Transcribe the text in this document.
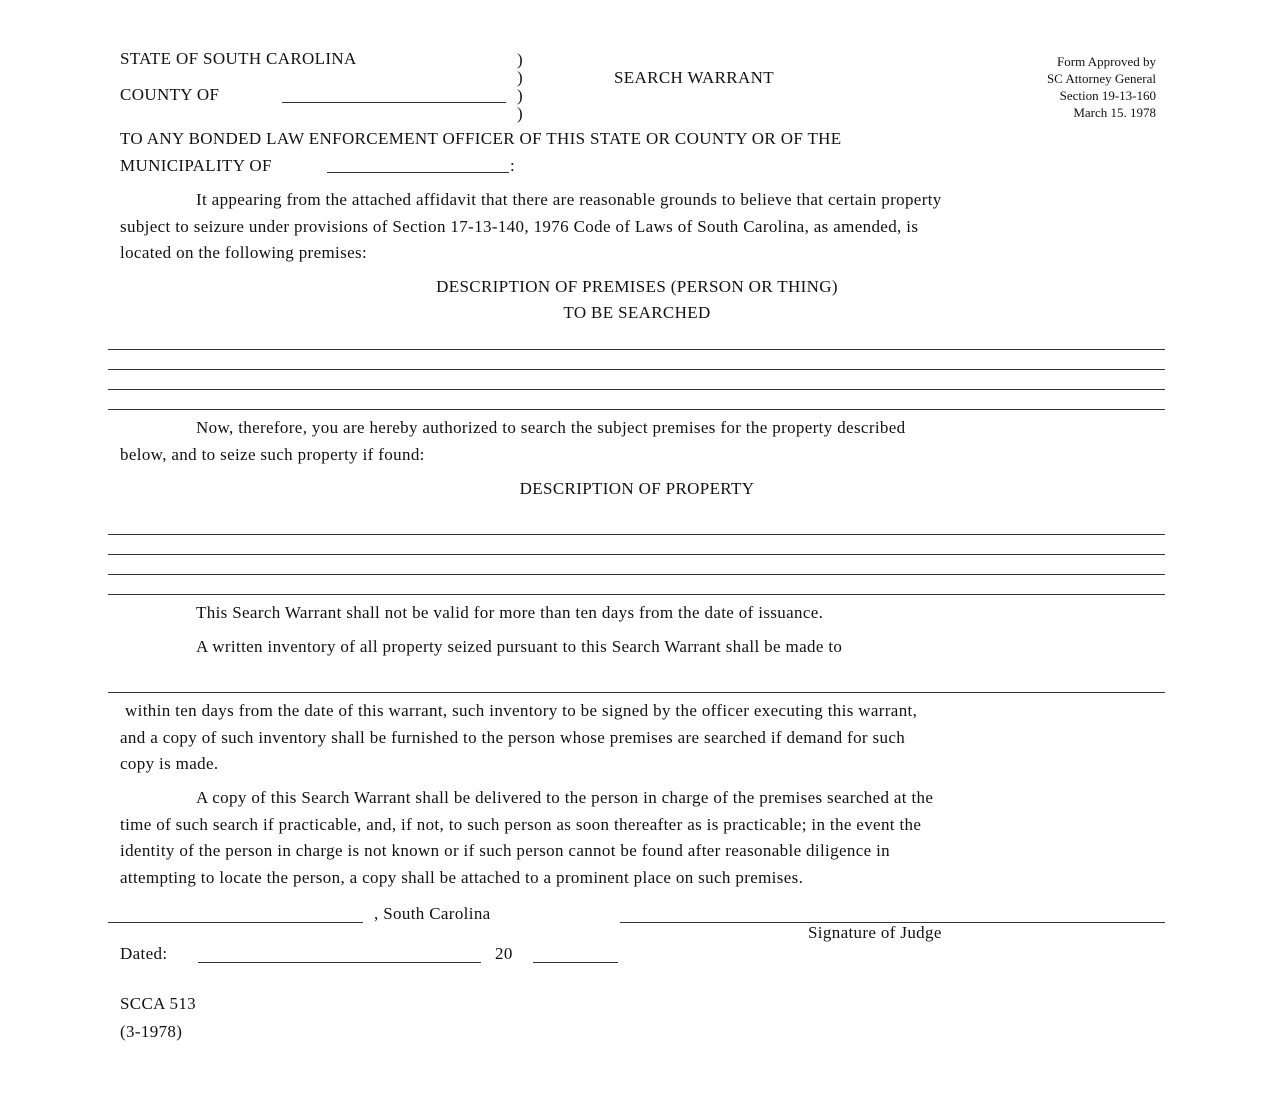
STATE OF SOUTH CAROLINA
COUNTY OF
)
)
)
)
SEARCH WARRANT
Form Approved by
SC Attorney General
Section 19-13-160
March 15. 1978
TO ANY BONDED LAW ENFORCEMENT OFFICER OF THIS STATE OR COUNTY OR OF THE
MUNICIPALITY OF	:

It appearing from the attached affidavit that there are reasonable grounds to believe that certain property

subject to seizure under provisions of Section 17-13-140, 1976 Code of Laws of South Carolina, as amended, is

located on the following premises:

DESCRIPTION OF PREMISES (PERSON OR THING)
TO BE SEARCHED

Now, therefore, you are hereby authorized to search the subject premises for the property described

below, and to seize such property if found:

DESCRIPTION OF PROPERTY
This Search Warrant shall not be valid for more than ten days from the date of issuance.
A written inventory of all property seized pursuant to this Search Warrant shall be made to

within ten days from the date of this warrant, such inventory to be signed by the officer executing this warrant,

and a copy of such inventory shall be furnished to the person whose premises are searched if demand for such

copy is made.

A copy of this Search Warrant shall be delivered to the person in charge of the premises searched at the

time of such search if practicable, and, if not, to such person as soon thereafter as is practicable; in the event the

identity of the person in charge is not known or if such person cannot be found after reasonable diligence in

attempting to locate the person, a copy shall be attached to a prominent place on such premises.

, South Carolina
Signature of Judge
Dated:	20
SCCA 513
(3-1978)
